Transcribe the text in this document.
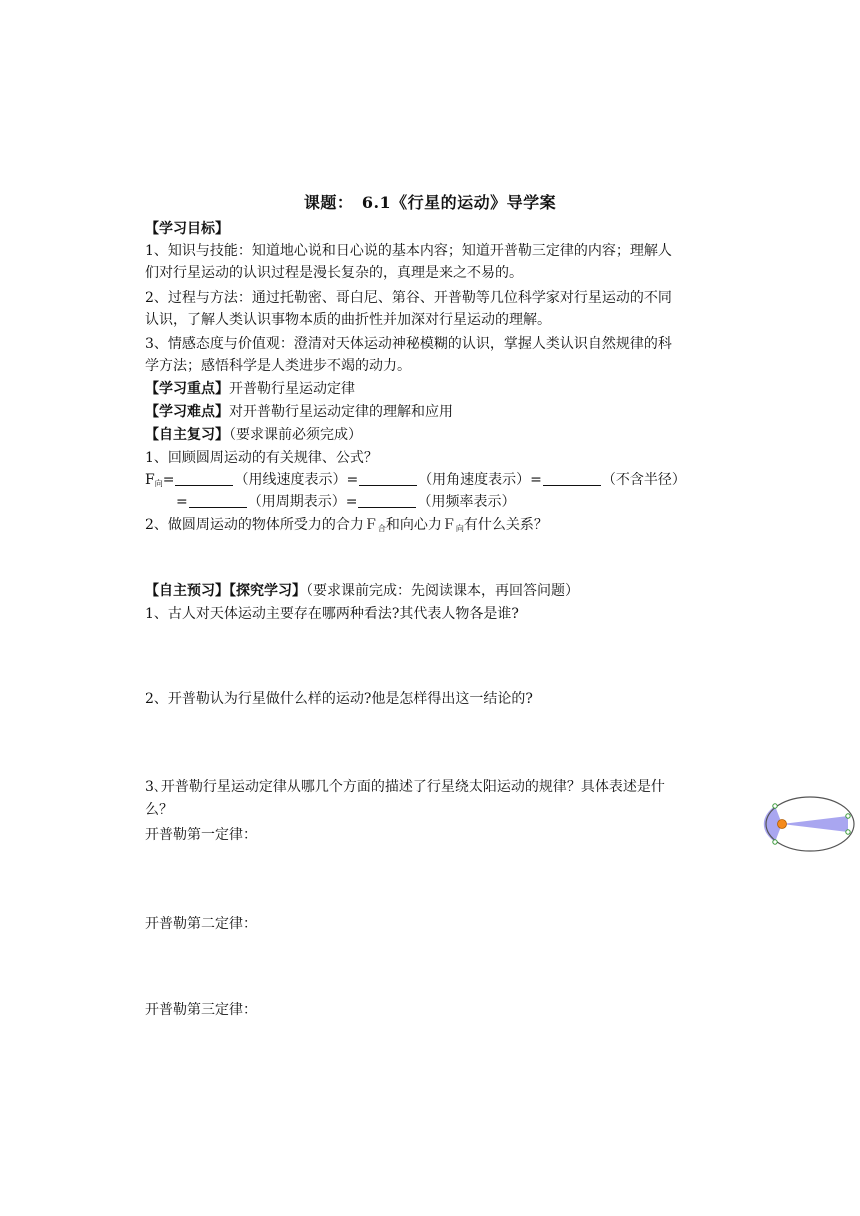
课题：　6.1《行星的运动》导学案
【学习目标】
1、知识与技能：知道地心说和日心说的基本内容；知道开普勒三定律的内容；理解人
们对行星运动的认识过程是漫长复杂的，真理是来之不易的。
2、过程与方法：通过托勒密、哥白尼、第谷、开普勒等几位科学家对行星运动的不同
认识，了解人类认识事物本质的曲折性并加深对行星运动的理解。
3、情感态度与价值观：澄清对天体运动神秘模糊的认识，掌握人类认识自然规律的科
学方法；感悟科学是人类进步不竭的动力。
【学习重点】开普勒行星运动定律
【学习难点】对开普勒行星运动定律的理解和应用
【自主复习】（要求课前必须完成）
1、回顾圆周运动的有关规律、公式？
$F_向=$	（用线速度表示）=	（用角速度表示）=	（不含半径）
=	（用周期表示）=	（用频率表示）
2、做圆周运动的物体所受力的合力Ｆ$_合$和向心力Ｆ$_向$有什么关系？
【自主预习】【探究学习】（要求课前完成：先阅读课本，再回答问题）
1、古人对天体运动主要存在哪两种看法?其代表人物各是谁?
2、开普勒认为行星做什么样的运动?他是怎样得出这一结论的?
3､开普勒行星运动定律从哪几个方面的描述了行星绕太阳运动的规律？具体表述是什
么？
开普勒第一定律：
开普勒第二定律：
开普勒第三定律：
